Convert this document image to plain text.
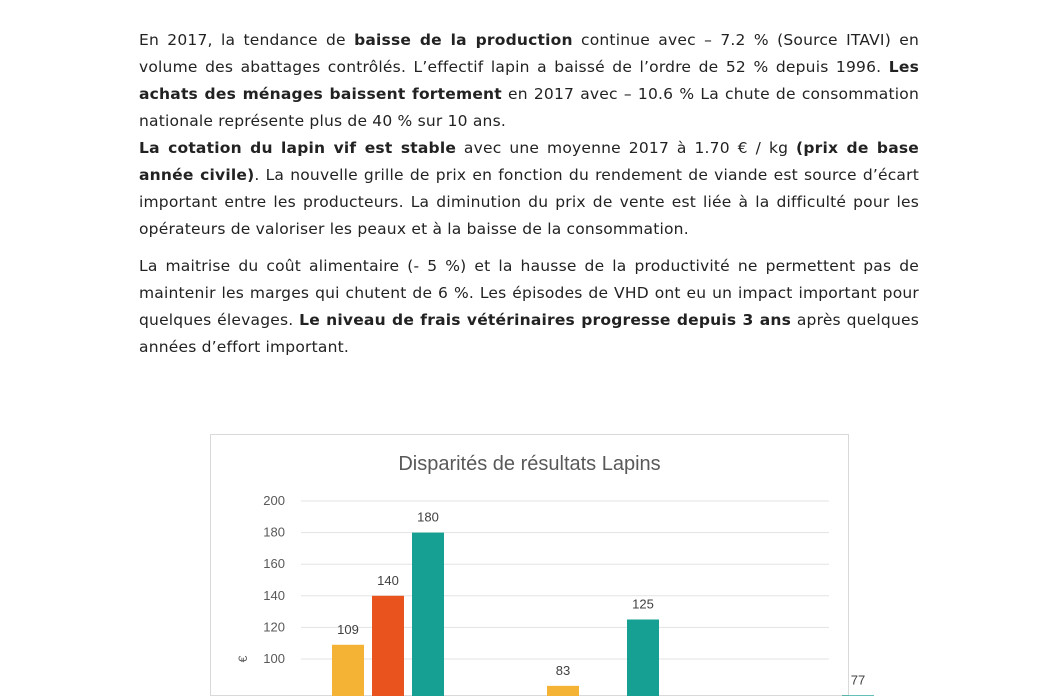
En 2017, la tendance de baisse de la production continue avec – 7.2 % (Source ITAVI) en volume des abattages contrôlés. L’effectif lapin a baissé de l’ordre de 52 % depuis 1996. Les achats des ménages baissent fortement en 2017 avec – 10.6 % La chute de consommation nationale représente plus de 40 % sur 10 ans.
La cotation du lapin vif est stable avec une moyenne 2017 à 1.70 € / kg (prix de base année civile). La nouvelle grille de prix en fonction du rendement de viande est source d’écart important entre les producteurs. La diminution du prix de vente est liée à la difficulté pour les opérateurs de valoriser les peaux et à la baisse de la consommation.

La maitrise du coût alimentaire (- 5 %) et la hausse de la productivité ne permettent pas de maintenir les marges qui chutent de 6 %. Les épisodes de VHD ont eu un impact important pour quelques élevages. Le niveau de frais vétérinaires progresse depuis 3 ans après quelques années d’effort important.

Disparités de résultats Lapins
100
120
140
160
180
200
€
109
140
180
83
125
77
